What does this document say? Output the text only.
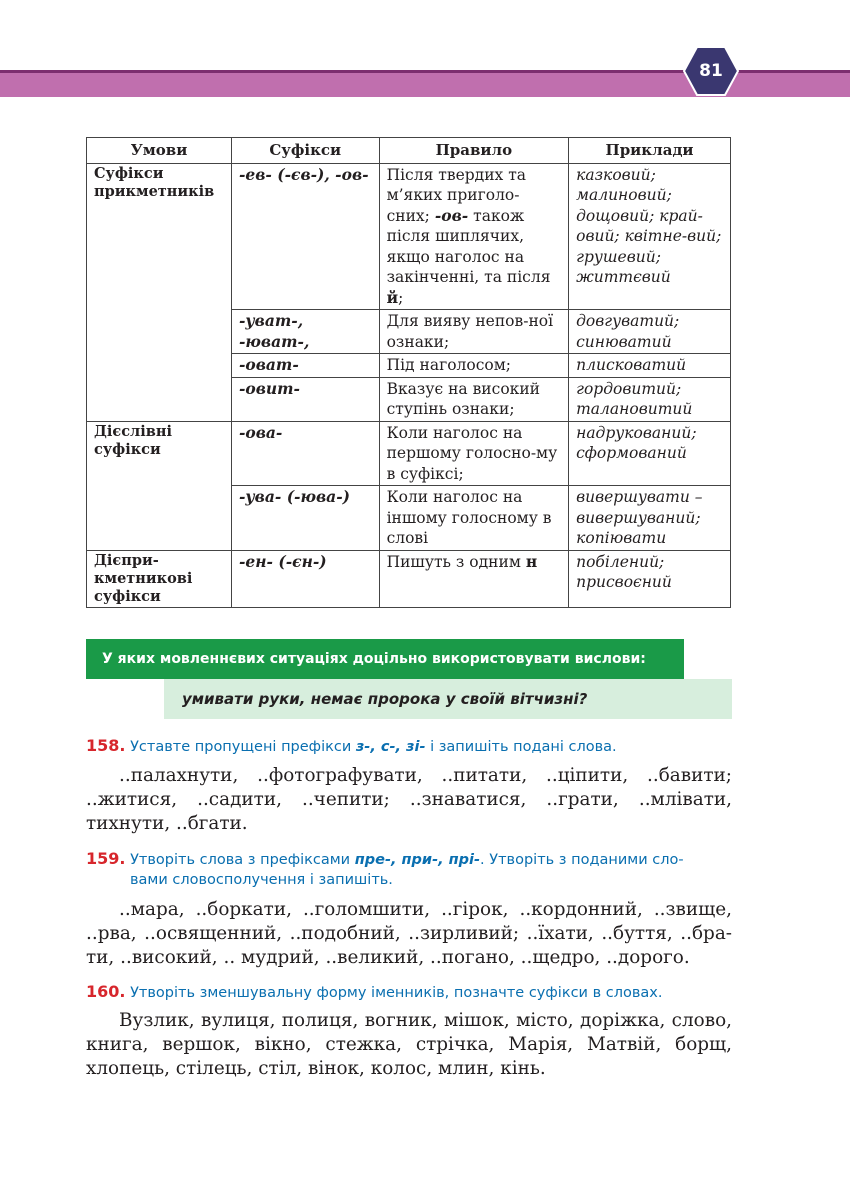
81
Умови	Суфікси	Правило	Приклади
Суфікси прикметників	-ев- (-єв-), -ов-	Після твердих та м’яких приголо-сних; -ов- також після шиплячих, якщо наголос на закінченні, та після й;	казковий; малиновий; дощовий; край-овий; квітне-вий; грушевий; життєвий
	-уват-, -юват-,	Для вияву непов-ної ознаки;	довгуватий; синюватий
	-оват-	Під наголосом;	плисковатий
	-овит-	Вказує на високий ступінь ознаки;	гордовитий; талановитий
Дієслівні суфікси	-ова-	Коли наголос на першому голосно-му в суфіксі;	надрукований; сформований
	-ува- (-юва-)	Коли наголос на іншому голосному в слові	вивершувати – вивершуваний; копіювати
Дієпри-кметникові суфікси	-ен- (-єн-)	Пишуть з одним н	побілений; присвоєний
У яких мовленнєвих ситуаціях доцільно використовувати вислови:
умивати руки, немає пророка у своїй вітчизні?
158. Уставте пропущені префікси з-, с-, зі- і запишіть подані слова.
..палахнути, ..фотографувати, ..питати, ..ціпити, ..бавити; ..житися, ..садити, ..чепити; ..знаватися, ..грати, ..млівати, тихнути, ..бгати.
159. Утворіть слова з префіксами пре-, при-, прі-. Утворіть з поданими сло-
вами словосполучення і запишіть.
..мара, ..боркати, ..голомшити, ..гірок, ..кордонний, ..звище, ..рва, ..освященний, ..подобний, ..зирливий; ..їхати, ..буття, ..бра-ти, ..високий, .. мудрий, ..великий, ..погано, ..щедро, ..дорого.
160. Утворіть зменшувальну форму іменників, позначте суфікси в словах.
Вузлик, вулиця, полиця, вогник, мішок, місто, доріжка, слово, книга, вершок, вікно, стежка, стрічка, Марія, Матвій, борщ, хлопець, стілець, стіл, вінок, колос, млин, кінь.
